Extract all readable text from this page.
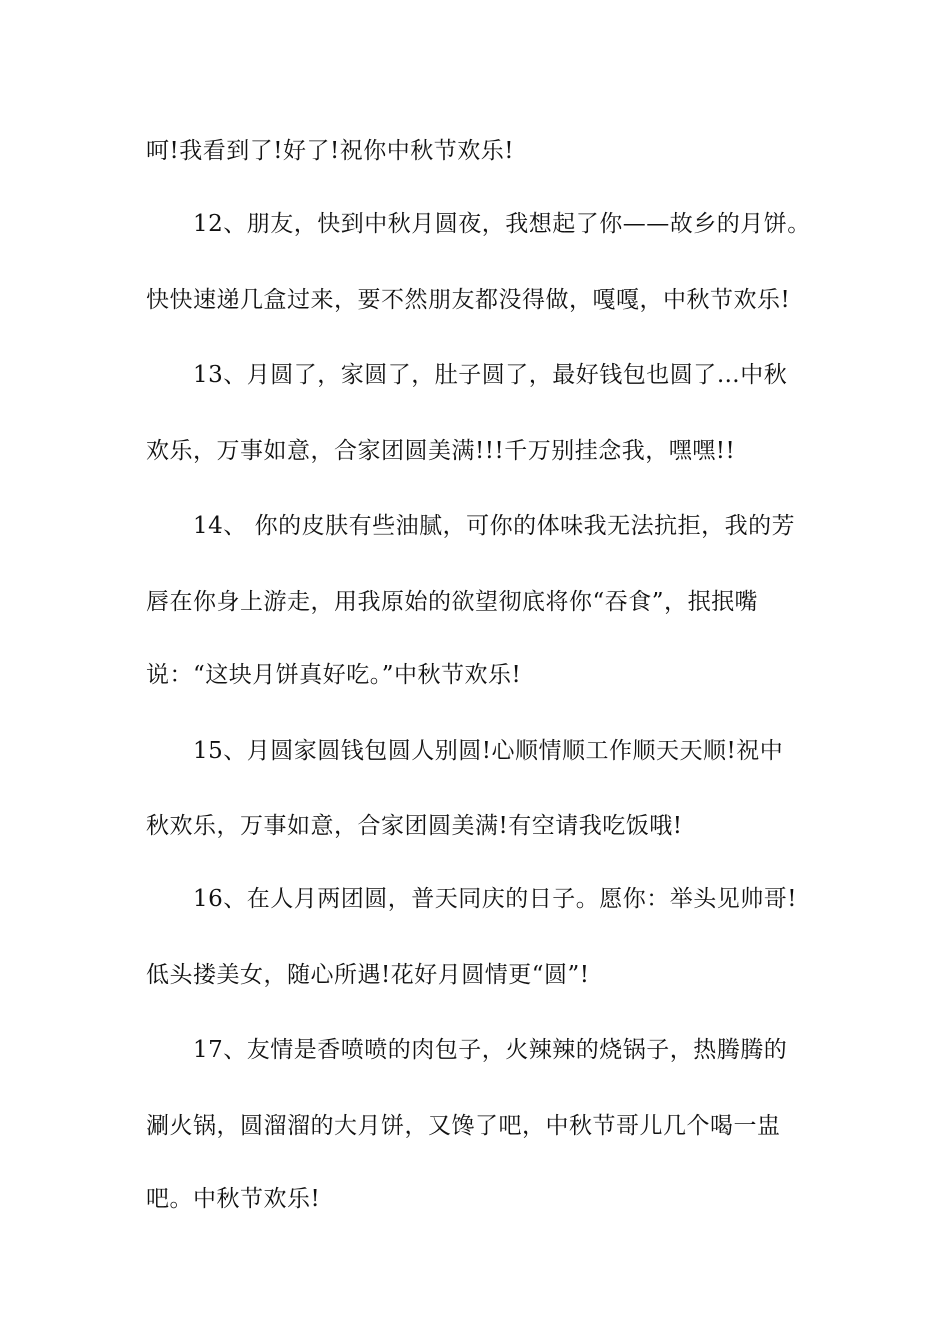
呵!我看到了!好了!祝你中秋节欢乐!
12、朋友，快到中秋月圆夜，我想起了你——故乡的月饼。
快快速递几盒过来，要不然朋友都没得做，嘎嘎，中秋节欢乐!
13、月圆了，家圆了，肚子圆了，最好钱包也圆了…中秋
欢乐，万事如意，合家团圆美满!!!千万别挂念我，嘿嘿!!
14、 你的皮肤有些油腻，可你的体味我无法抗拒，我的芳
唇在你身上游走，用我原始的欲望彻底将你“吞食”，抿抿嘴
说：“这块月饼真好吃。”中秋节欢乐!
15、月圆家圆钱包圆人别圆!心顺情顺工作顺天天顺!祝中
秋欢乐，万事如意，合家团圆美满!有空请我吃饭哦!
16、在人月两团圆，普天同庆的日子。愿你：举头见帅哥!
低头搂美女，随心所遇!花好月圆情更“圆”!
17、友情是香喷喷的肉包子，火辣辣的烧锅子，热腾腾的
涮火锅，圆溜溜的大月饼，又馋了吧，中秋节哥儿几个喝一盅
吧。中秋节欢乐!
